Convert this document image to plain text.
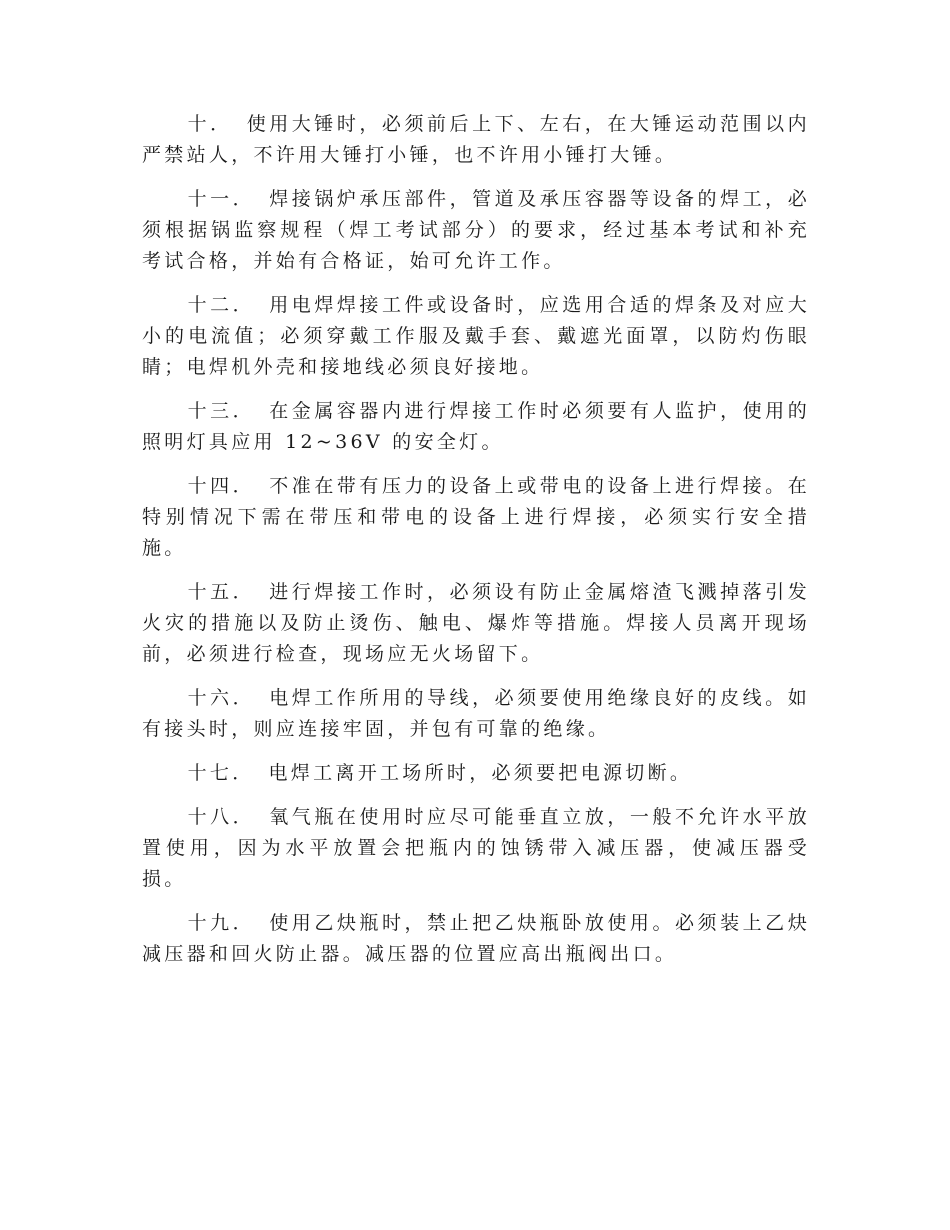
十． 使用大锤时，必须前后上下、左右，在大锤运动范围以内严禁站人，不许用大锤打小锤，也不许用小锤打大锤。

十一． 焊接锅炉承压部件，管道及承压容器等设备的焊工，必须根据锅监察规程（焊工考试部分）的要求，经过基本考试和补充考试合格，并始有合格证，始可允许工作。

十二． 用电焊焊接工件或设备时，应选用合适的焊条及对应大小的电流值；必须穿戴工作服及戴手套、戴遮光面罩，以防灼伤眼睛；电焊机外壳和接地线必须良好接地。

十三． 在金属容器内进行焊接工作时必须要有人监护，使用的照明灯具应用 12~36V 的安全灯。

十四． 不准在带有压力的设备上或带电的设备上进行焊接。在特别情况下需在带压和带电的设备上进行焊接，必须实行安全措施。

十五． 进行焊接工作时，必须设有防止金属熔渣飞溅掉落引发火灾的措施以及防止烫伤、触电、爆炸等措施。焊接人员离开现场前，必须进行检查，现场应无火场留下。

十六． 电焊工作所用的导线，必须要使用绝缘良好的皮线。如有接头时，则应连接牢固，并包有可靠的绝缘。

十七． 电焊工离开工场所时，必须要把电源切断。

十八． 氧气瓶在使用时应尽可能垂直立放，一般不允许水平放置使用，因为水平放置会把瓶内的蚀锈带入减压器，使减压器受损。

十九． 使用乙炔瓶时，禁止把乙炔瓶卧放使用。必须装上乙炔减压器和回火防止器。减压器的位置应高出瓶阀出口。
